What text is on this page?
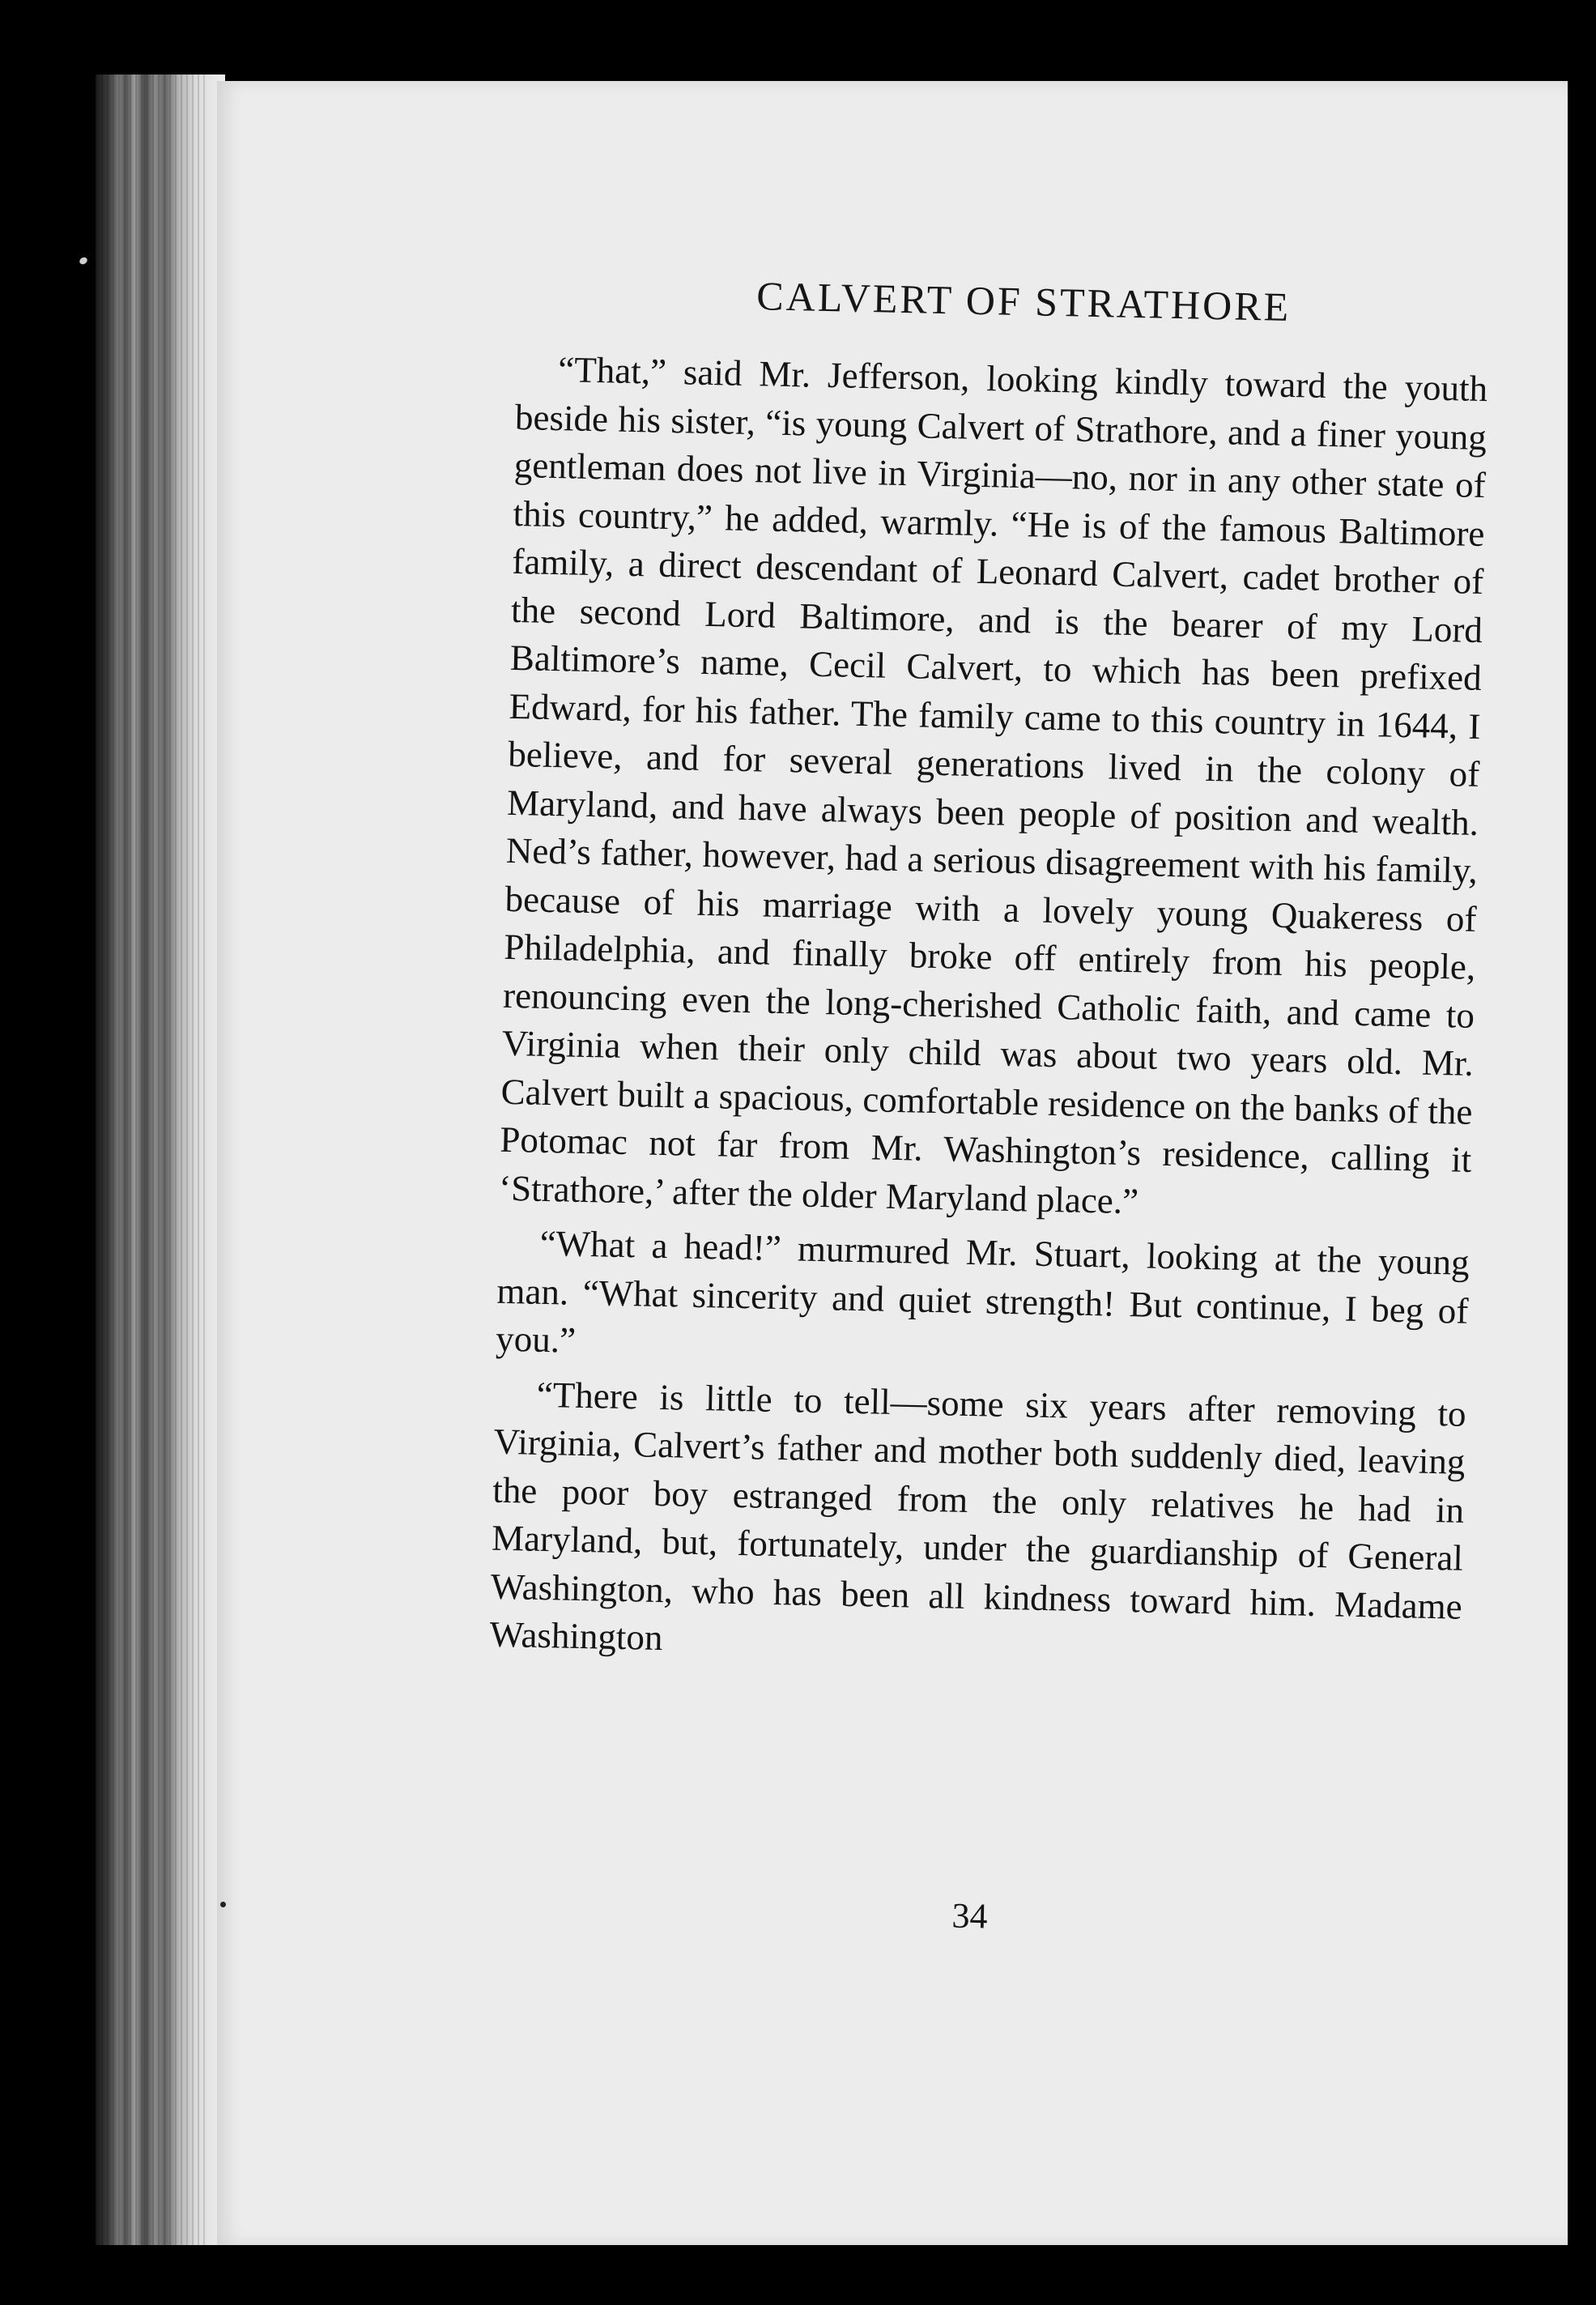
CALVERT OF STRATHORE

“That,” said Mr. Jefferson, looking kindly toward the youth beside his sister, “is young Calvert of Strathore, and a finer young gentleman does not live in Virginia—no, nor in any other state of this country,” he added, warmly. “He is of the famous Baltimore family, a direct descendant of Leonard Calvert, cadet brother of the second Lord Baltimore, and is the bearer of my Lord Baltimore’s name, Cecil Calvert, to which has been prefixed Edward, for his father. The family came to this country in 1644, I believe, and for several generations lived in the colony of Maryland, and have always been people of position and wealth. Ned’s father, however, had a serious disagreement with his family, because of his marriage with a lovely young Quakeress of Philadelphia, and finally broke off entirely from his people, renouncing even the long-cherished Catholic faith, and came to Virginia when their only child was about two years old. Mr. Calvert built a spacious, comfortable residence on the banks of the Potomac not far from Mr. Washington’s residence, calling it ‘Strathore,’ after the older Maryland place.”

“What a head!” murmured Mr. Stuart, looking at the young man. “What sincerity and quiet strength! But continue, I beg of you.”

“There is little to tell—some six years after removing to Virginia, Calvert’s father and mother both suddenly died, leaving the poor boy estranged from the only relatives he had in Maryland, but, fortunately, under the guardianship of General Washington, who has been all kindness toward him. Madame Washington

34
